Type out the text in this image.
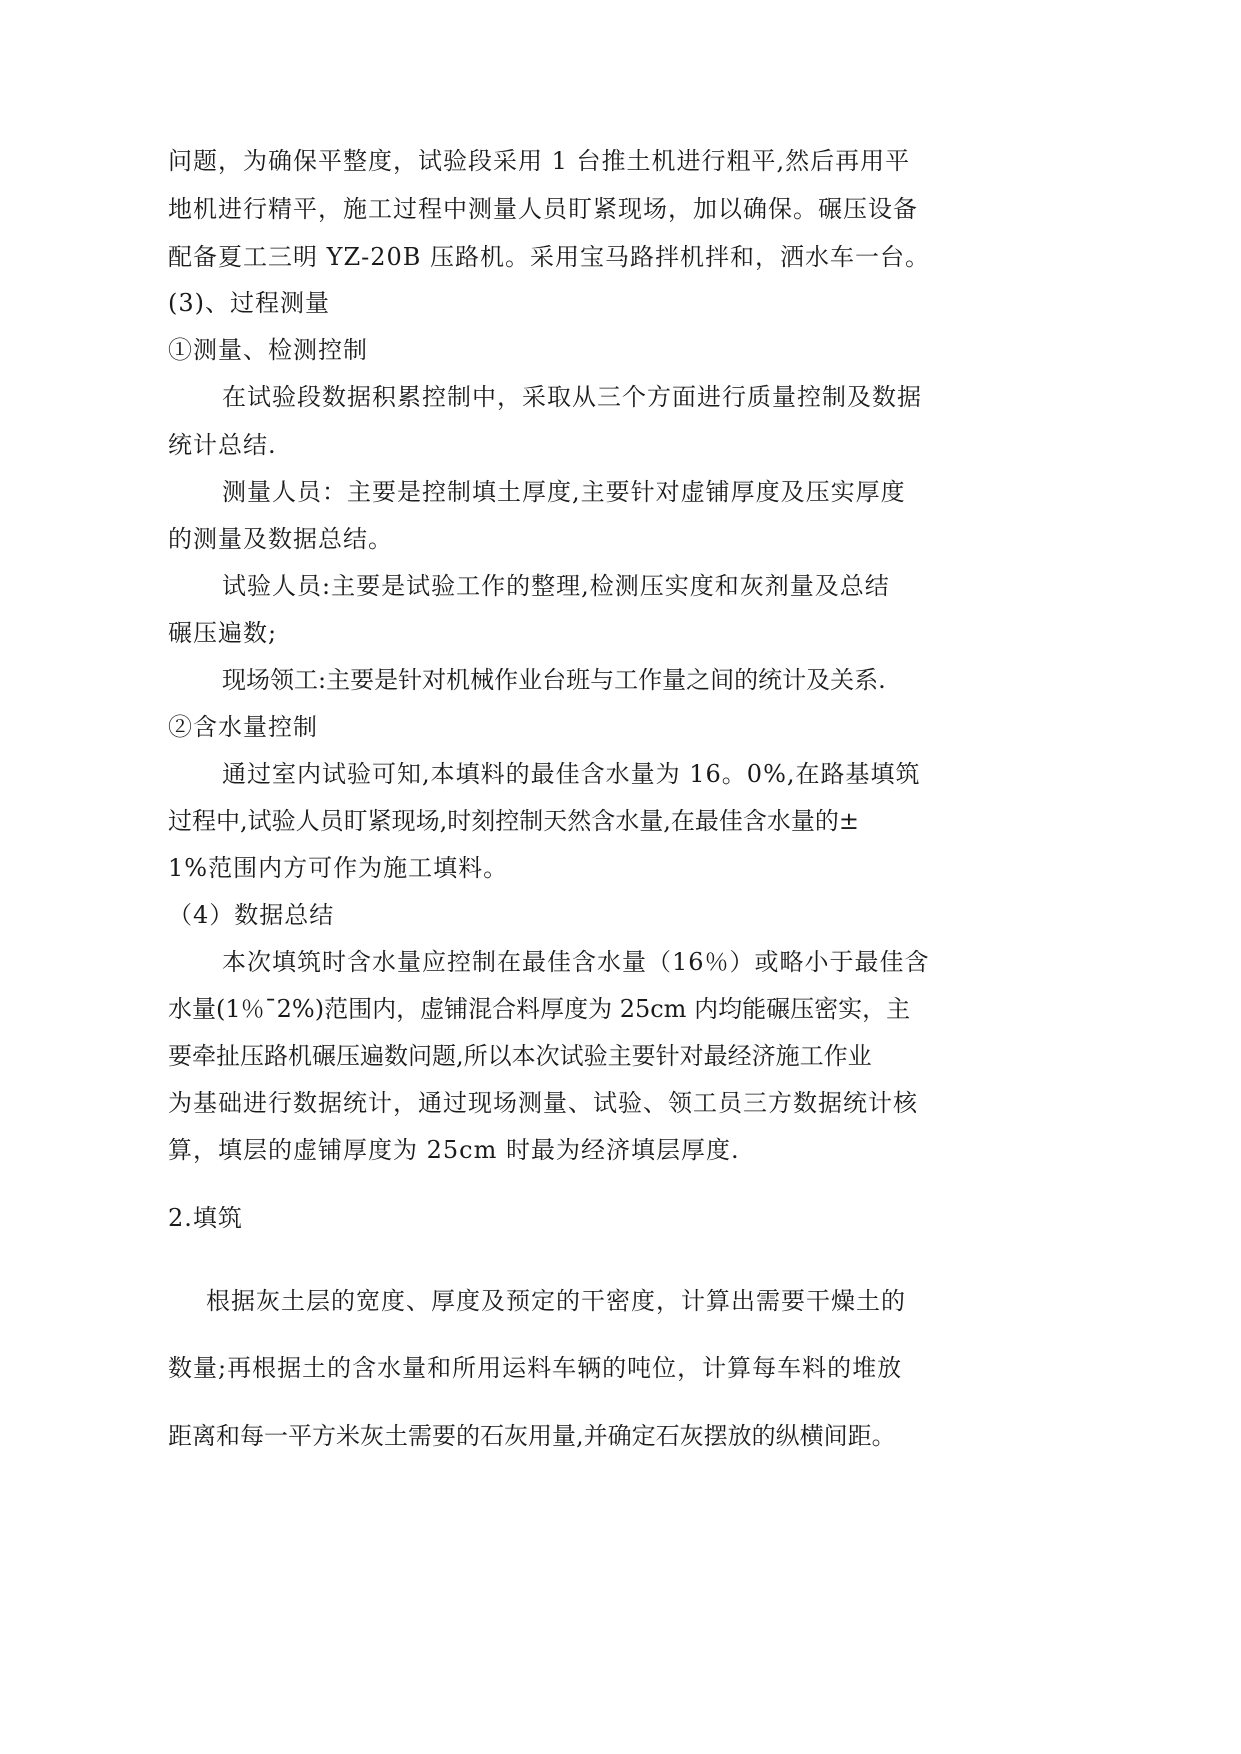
问题，为确保平整度，试验段采用 1 台推土机进行粗平,然后再用平
地机进行精平，施工过程中测量人员盯紧现场，加以确保。碾压设备
配备夏工三明 YZ-20B 压路机。采用宝马路拌机拌和，洒水车一台。
(3)、过程测量
①测量、检测控制
在试验段数据积累控制中，采取从三个方面进行质量控制及数据
统计总结.
测量人员：主要是控制填土厚度,主要针对虚铺厚度及压实厚度
的测量及数据总结。
试验人员:主要是试验工作的整理,检测压实度和灰剂量及总结
碾压遍数;
现场领工:主要是针对机械作业台班与工作量之间的统计及关系.
②含水量控制
通过室内试验可知,本填料的最佳含水量为 16。0%,在路基填筑
过程中,试验人员盯紧现场,时刻控制天然含水量,在最佳含水量的±
1%范围内方可作为施工填料。
（4）数据总结
本次填筑时含水量应控制在最佳含水量（16％）或略小于最佳含
水量(1％¯2%)范围内，虚铺混合料厚度为 25cm 内均能碾压密实，主
要牵扯压路机碾压遍数问题,所以本次试验主要针对最经济施工作业
为基础进行数据统计，通过现场测量、试验、领工员三方数据统计核
算，填层的虚铺厚度为 25cm 时最为经济填层厚度.
2.填筑
根据灰土层的宽度、厚度及预定的干密度，计算出需要干燥土的
数量;再根据土的含水量和所用运料车辆的吨位，计算每车料的堆放
距离和每一平方米灰土需要的石灰用量,并确定石灰摆放的纵横间距。
